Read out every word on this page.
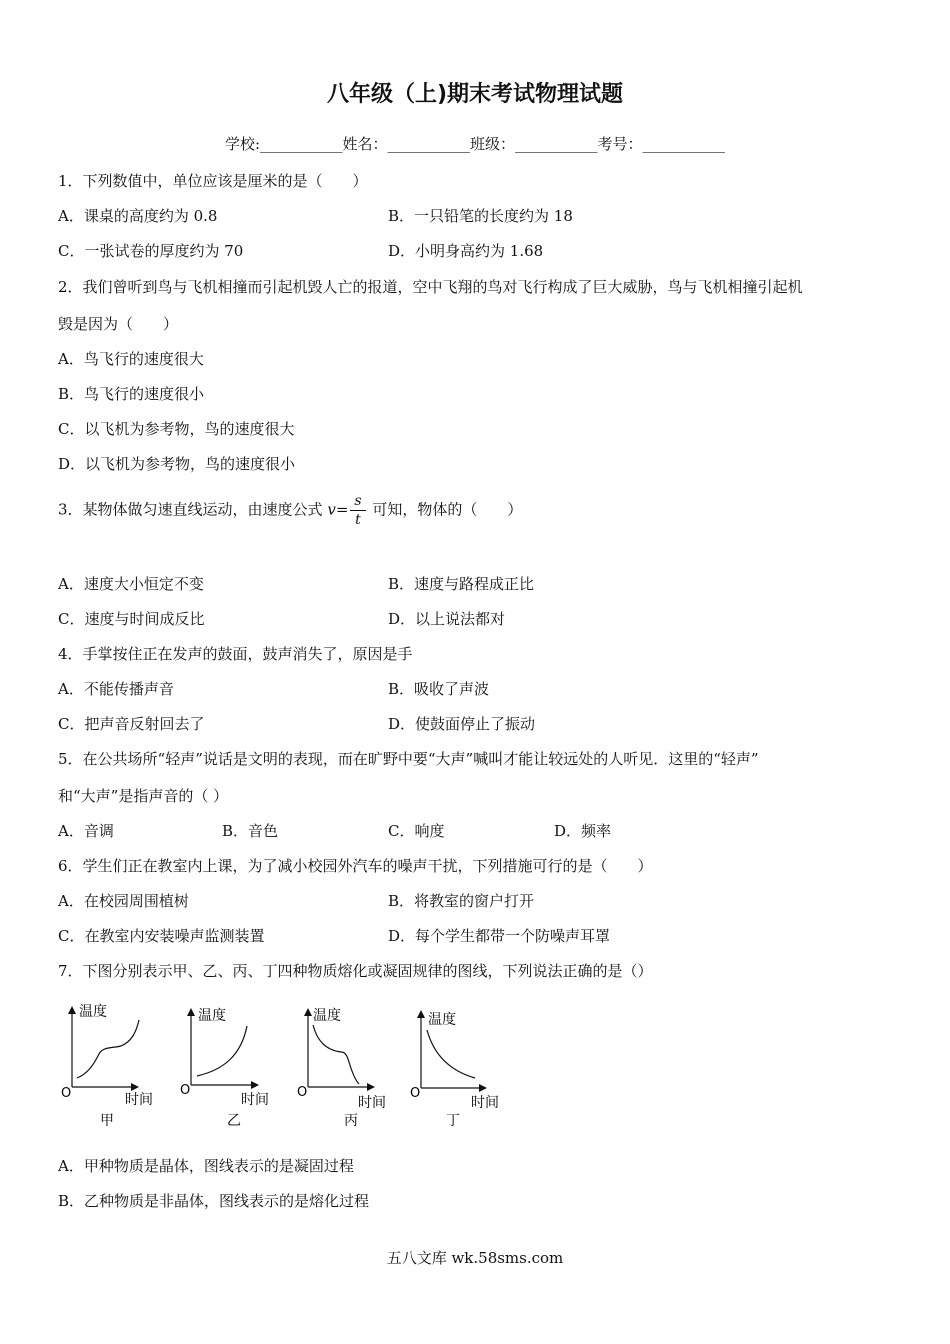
八年级（上)期末考试物理试题
学校:___________姓名：___________班级：___________考号：___________
1．下列数值中，单位应该是厘米的是（　　）
A．课桌的高度约为 0.8	B．一只铅笔的长度约为 18
C．一张试卷的厚度约为 70	D．小明身高约为 1.68
2．我们曾听到鸟与飞机相撞而引起机毁人亡的报道，空中飞翔的鸟对飞行构成了巨大威胁，鸟与飞机相撞引起机
毁是因为（　　）
A．鸟飞行的速度很大
B．鸟飞行的速度很小
C．以飞机为参考物，鸟的速度很大
D．以飞机为参考物，鸟的速度很小
3．某物体做匀速直线运动，由速度公式 $v= \frac{s}{t}$ 可知，物体的（　　）
A．速度大小恒定不变	B．速度与路程成正比
C．速度与时间成反比	D．以上说法都对
4．手掌按住正在发声的鼓面，鼓声消失了，原因是手
A．不能传播声音	B．吸收了声波
C．把声音反射回去了	D．使鼓面停止了振动
5．在公共场所“轻声”说话是文明的表现，而在旷野中要“大声”喊叫才能让较远处的人听见．这里的“轻声”
和“大声”是指声音的（ ）
A．音调	B．音色	C．响度	D．频率
6．学生们正在教室内上课，为了减小校园外汽车的噪声干扰，下列措施可行的是（　　）
A．在校园周围植树	B．将教室的窗户打开
C．在教室内安装噪声监测装置	D．每个学生都带一个防噪声耳罩
7．下图分别表示甲、乙、丙、丁四种物质熔化或凝固规律的图线，下列说法正确的是（）
温度
O	时间
甲
温度
O
时间
乙
温度
O
时间
丙
温度
O
时间
丁
A．甲种物质是晶体，图线表示的是凝固过程
B．乙种物质是非晶体，图线表示的是熔化过程
五八文库 wk.58sms.com
